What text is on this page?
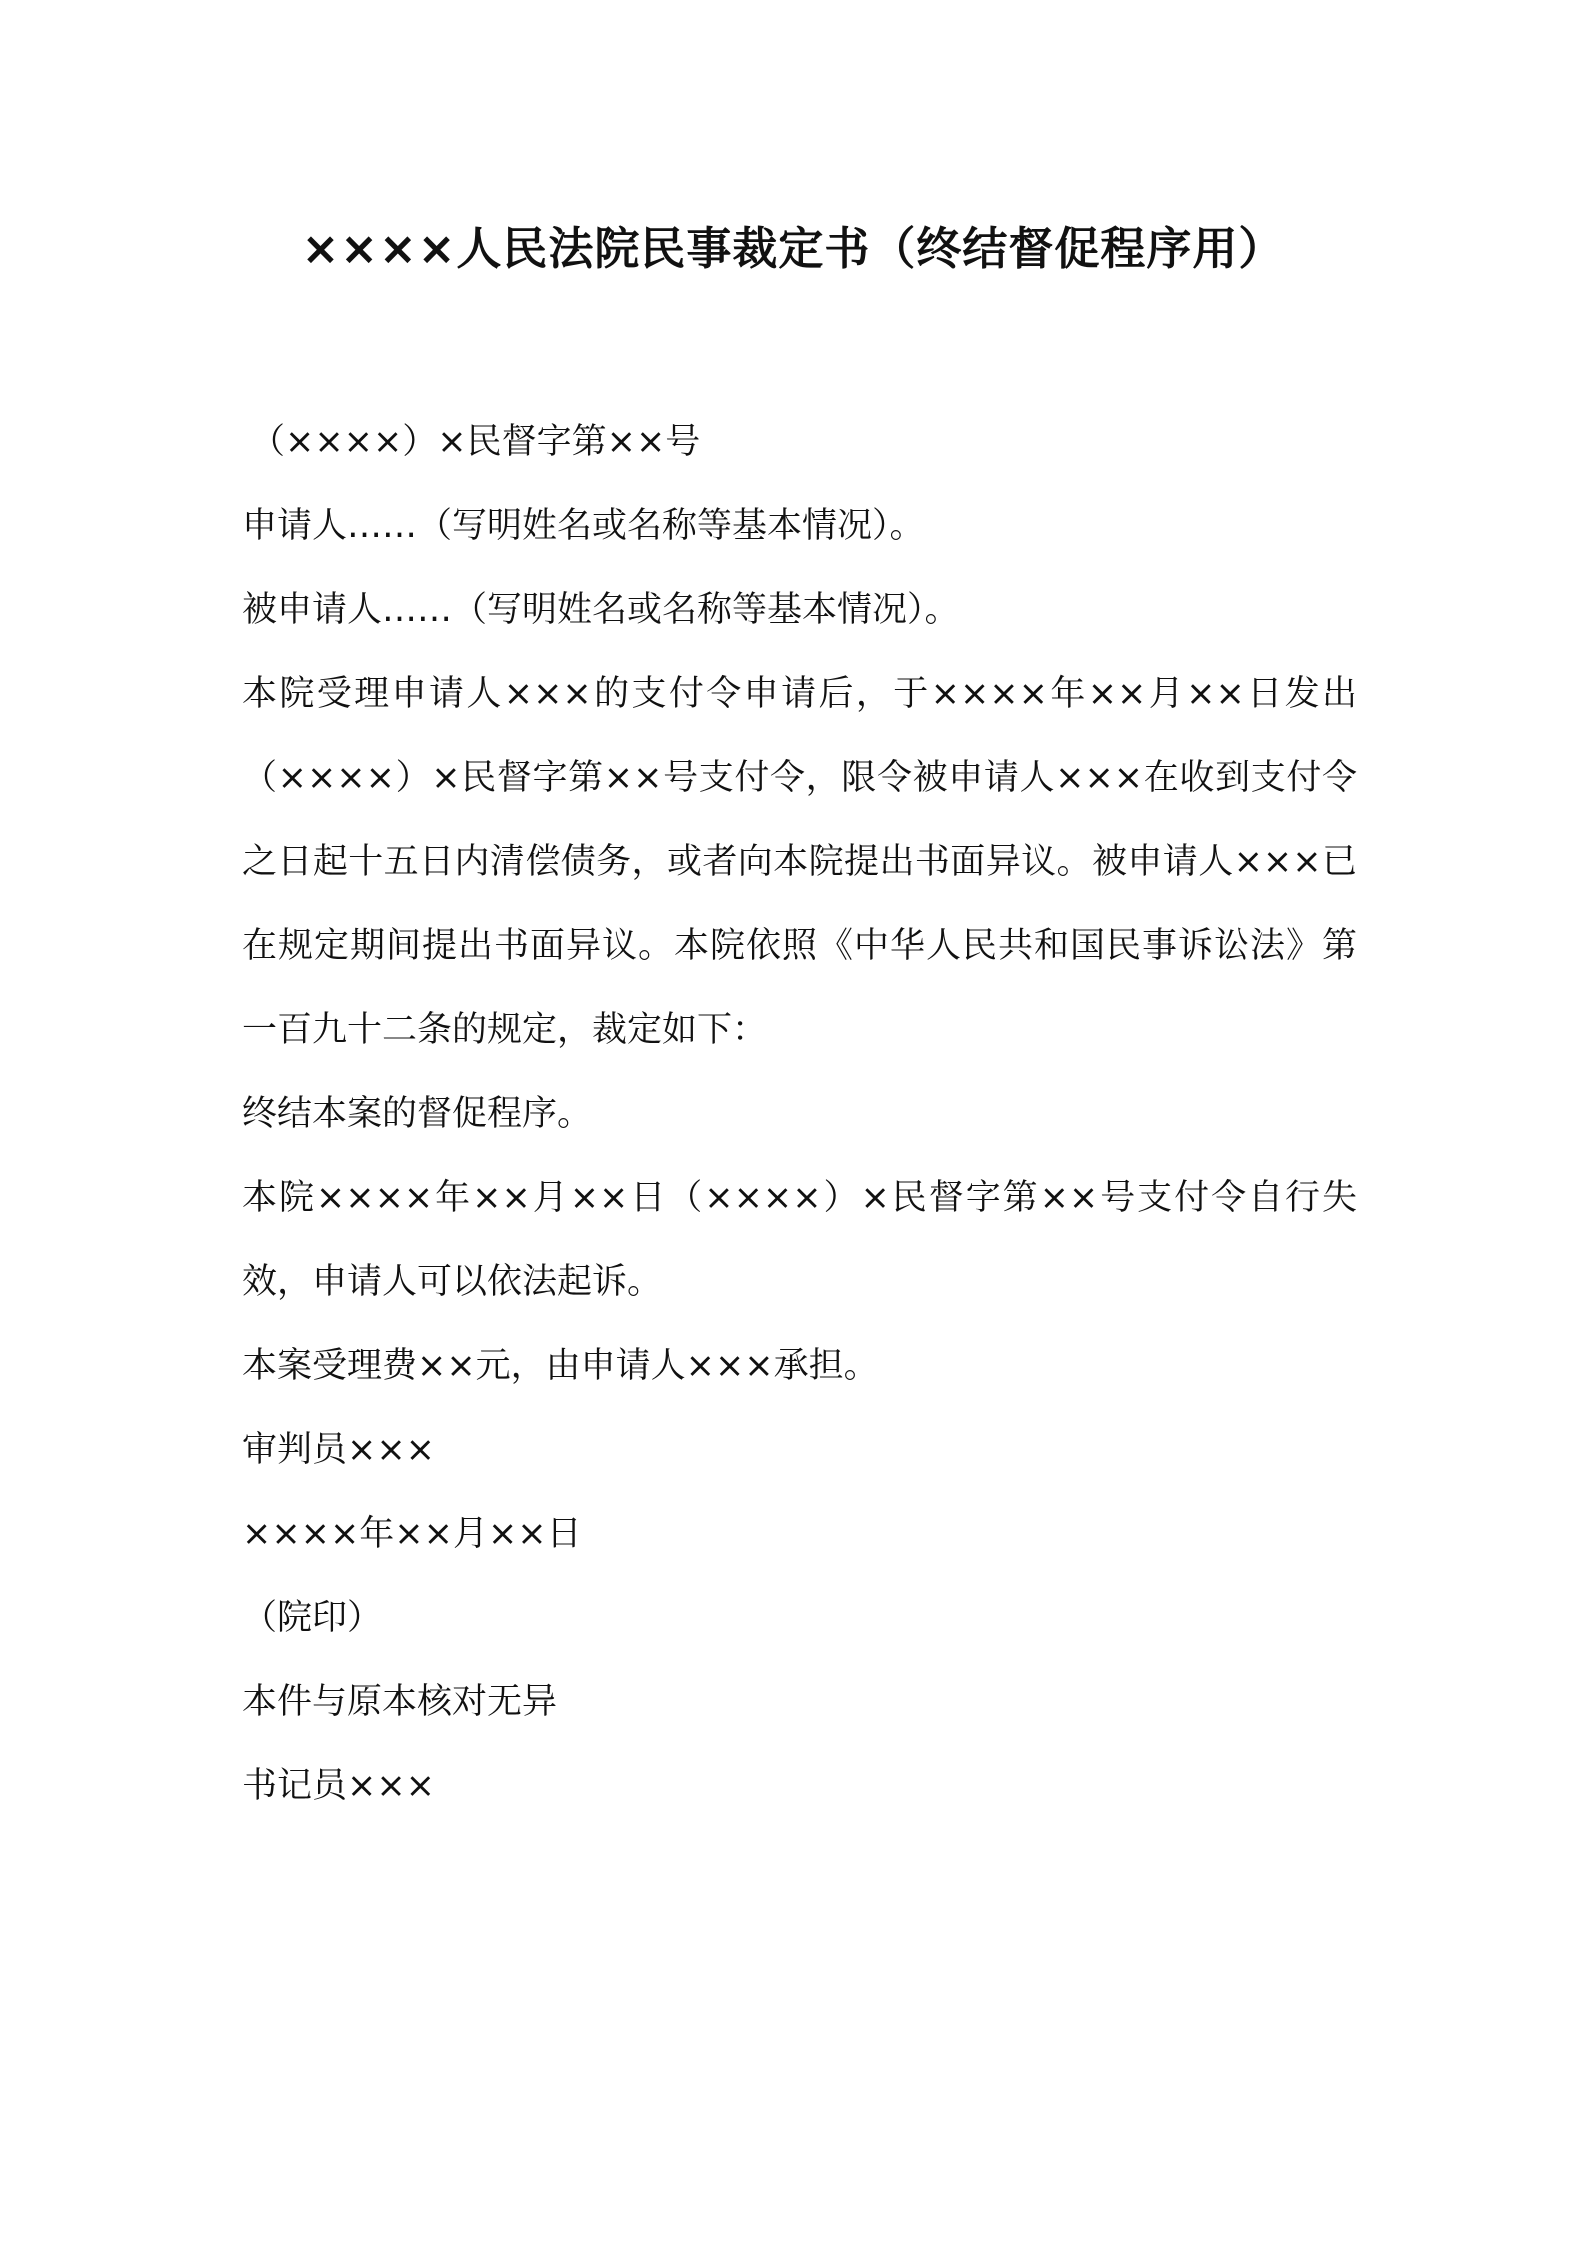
××××人民法院民事裁定书（终结督促程序用）
（××××）×民督字第××号
申请人……（写明姓名或名称等基本情况）。
被申请人……（写明姓名或名称等基本情况）。
本院受理申请人×××的支付令申请后，于××××年××月××日发出（××××）×民督字第××号支付令，限令被申请人×××在收到支付令之日起十五日内清偿债务，或者向本院提出书面异议。被申请人×××已在规定期间提出书面异议。本院依照《中华人民共和国民事诉讼法》第一百九十二条的规定，裁定如下：
终结本案的督促程序。
本院××××年××月××日（××××）×民督字第××号支付令自行失效，申请人可以依法起诉。
本案受理费××元，由申请人×××承担。
审判员×××
××××年××月××日
（院印）
本件与原本核对无异
书记员×××
